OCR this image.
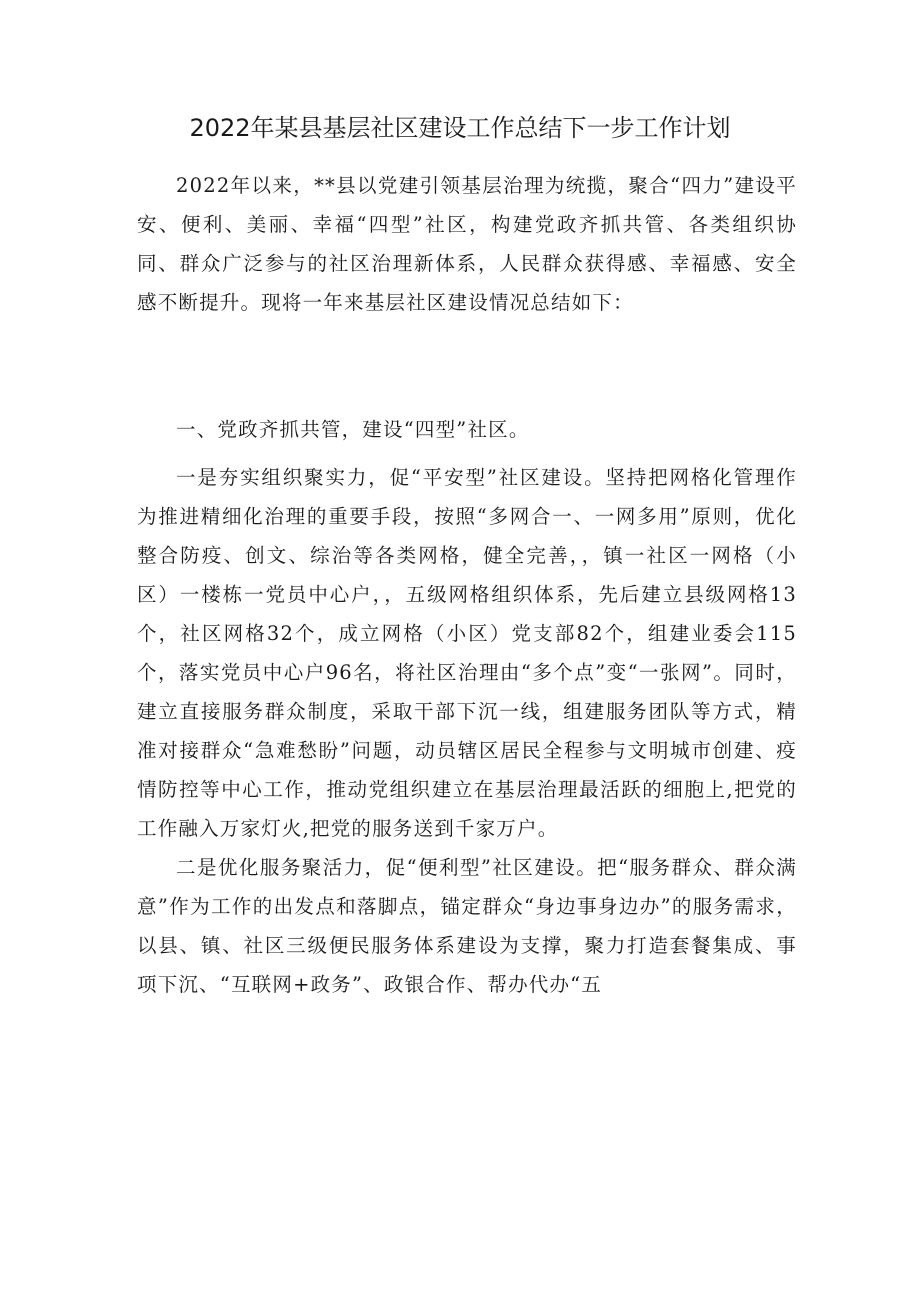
2022年某县基层社区建设工作总结下一步工作计划

2022年以来，**县以党建引领基层治理为统揽，聚合“四力”建设平安、便利、美丽、幸福“四型”社区，构建党政齐抓共管、各类组织协同、群众广泛参与的社区治理新体系，人民群众获得感、幸福感、安全感不断提升。现将一年来基层社区建设情况总结如下：

一、党政齐抓共管，建设“四型”社区。

一是夯实组织聚实力，促“平安型”社区建设。坚持把网格化管理作为推进精细化治理的重要手段，按照“多网合一、一网多用”原则，优化整合防疫、创文、综治等各类网格，健全完善，，镇一社区一网格（小区）一楼栋一党员中心户，，五级网格组织体系，先后建立县级网格13个，社区网格32个，成立网格（小区）党支部82个，组建业委会115个，落实党员中心户96名，将社区治理由“多个点”变“一张网”。同时，建立直接服务群众制度，采取干部下沉一线，组建服务团队等方式，精准对接群众“急难愁盼”问题，动员辖区居民全程参与文明城市创建、疫情防控等中心工作，推动党组织建立在基层治理最活跃的细胞上,把党的工作融入万家灯火,把党的服务送到千家万户。

二是优化服务聚活力，促“便利型”社区建设。把“服务群众、群众满意”作为工作的出发点和落脚点，锚定群众“身边事身边办”的服务需求，以县、镇、社区三级便民服务体系建设为支撑，聚力打造套餐集成、事项下沉、“互联网+政务”、政银合作、帮办代办“五
